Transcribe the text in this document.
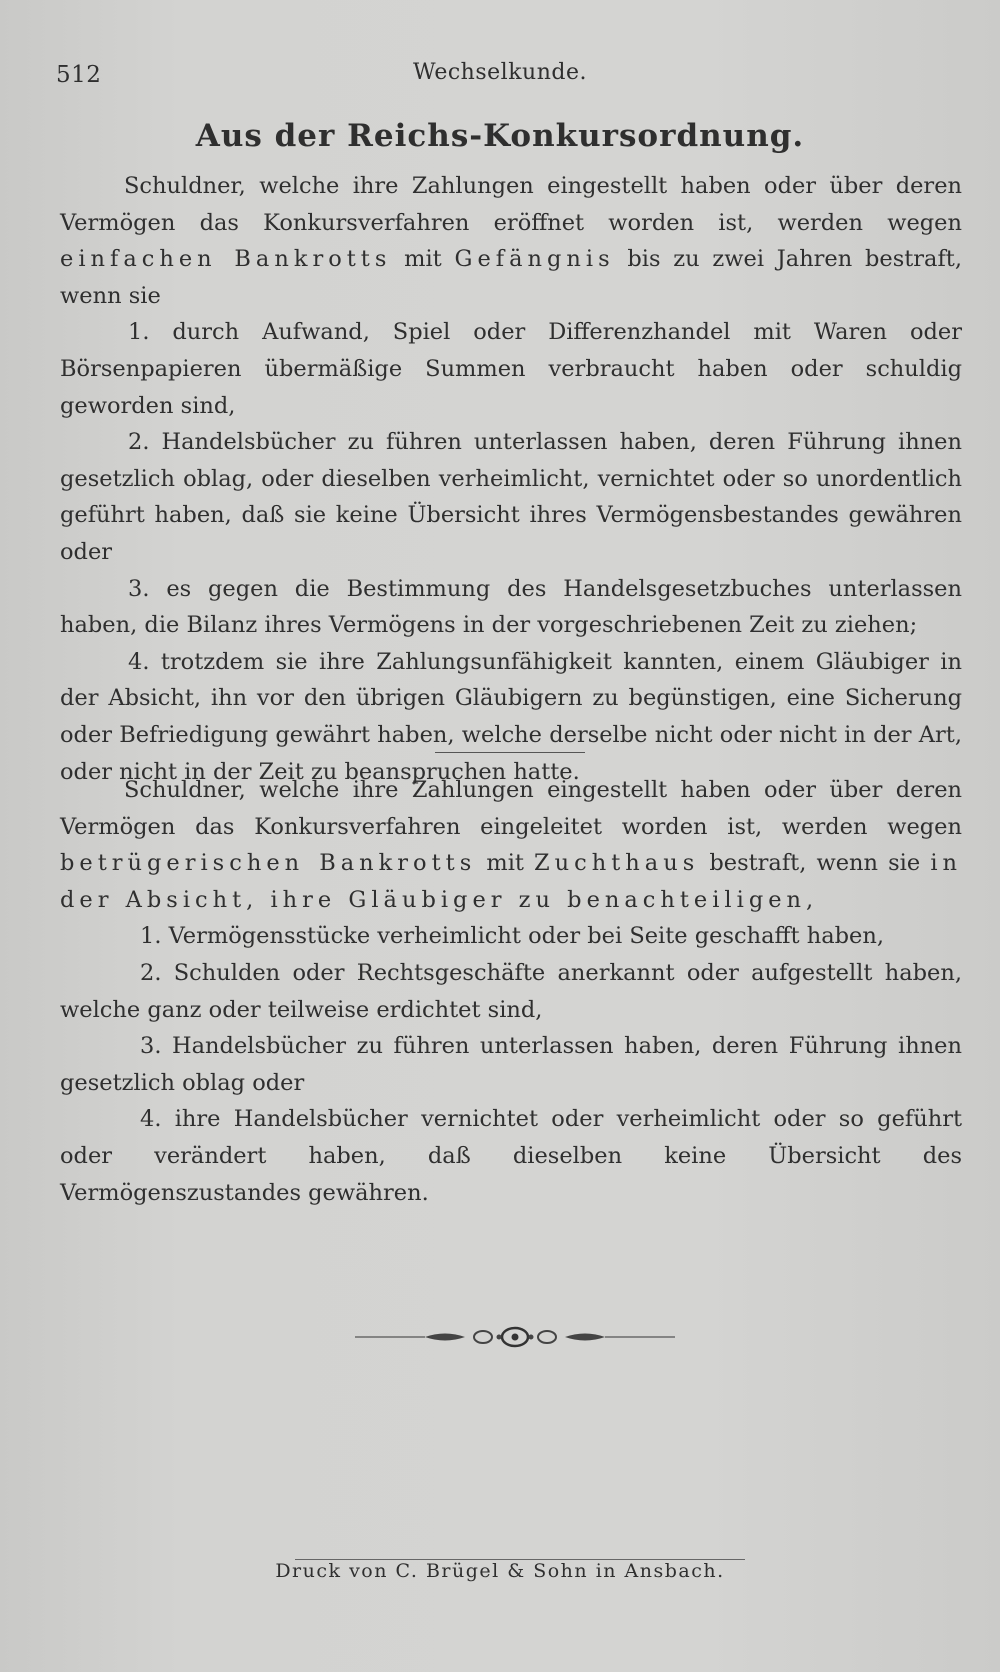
512	Wechselkunde.
Aus der Reichs-Konkursordnung.

Schuldner, welche ihre Zahlungen eingestellt haben oder über deren Vermögen das Konkursverfahren eröffnet worden ist, werden wegen einfachen Bankrotts mit Gefängnis bis zu zwei Jahren bestraft, wenn sie

1. durch Aufwand, Spiel oder Differenzhandel mit Waren oder Börsenpapieren übermäßige Summen verbraucht haben oder schuldig geworden sind,

2. Handelsbücher zu führen unterlassen haben, deren Führung ihnen gesetzlich oblag, oder dieselben verheimlicht, vernichtet oder so unordentlich geführt haben, daß sie keine Übersicht ihres Vermögensbestandes gewähren oder

3. es gegen die Bestimmung des Handelsgesetzbuches unterlassen haben, die Bilanz ihres Vermögens in der vorgeschriebenen Zeit zu ziehen;

4. trotzdem sie ihre Zahlungsunfähigkeit kannten, einem Gläubiger in der Absicht, ihn vor den übrigen Gläubigern zu begünstigen, eine Sicherung oder Befriedigung gewährt haben, welche derselbe nicht oder nicht in der Art, oder nicht in der Zeit zu beanspruchen hatte.

Schuldner, welche ihre Zahlungen eingestellt haben oder über deren Vermögen das Konkursverfahren eingeleitet worden ist, werden wegen betrügerischen Bankrotts mit Zuchthaus bestraft, wenn sie in der Absicht, ihre Gläubiger zu benachteiligen,

1. Vermögensstücke verheimlicht oder bei Seite geschafft haben,

2. Schulden oder Rechtsgeschäfte anerkannt oder aufgestellt haben, welche ganz oder teilweise erdichtet sind,

3. Handelsbücher zu führen unterlassen haben, deren Führung ihnen gesetzlich oblag oder

4. ihre Handelsbücher vernichtet oder verheimlicht oder so geführt oder verändert haben, daß dieselben keine Übersicht des Vermögenszustandes gewähren.

Druck von C. Brügel & Sohn in Ansbach.
